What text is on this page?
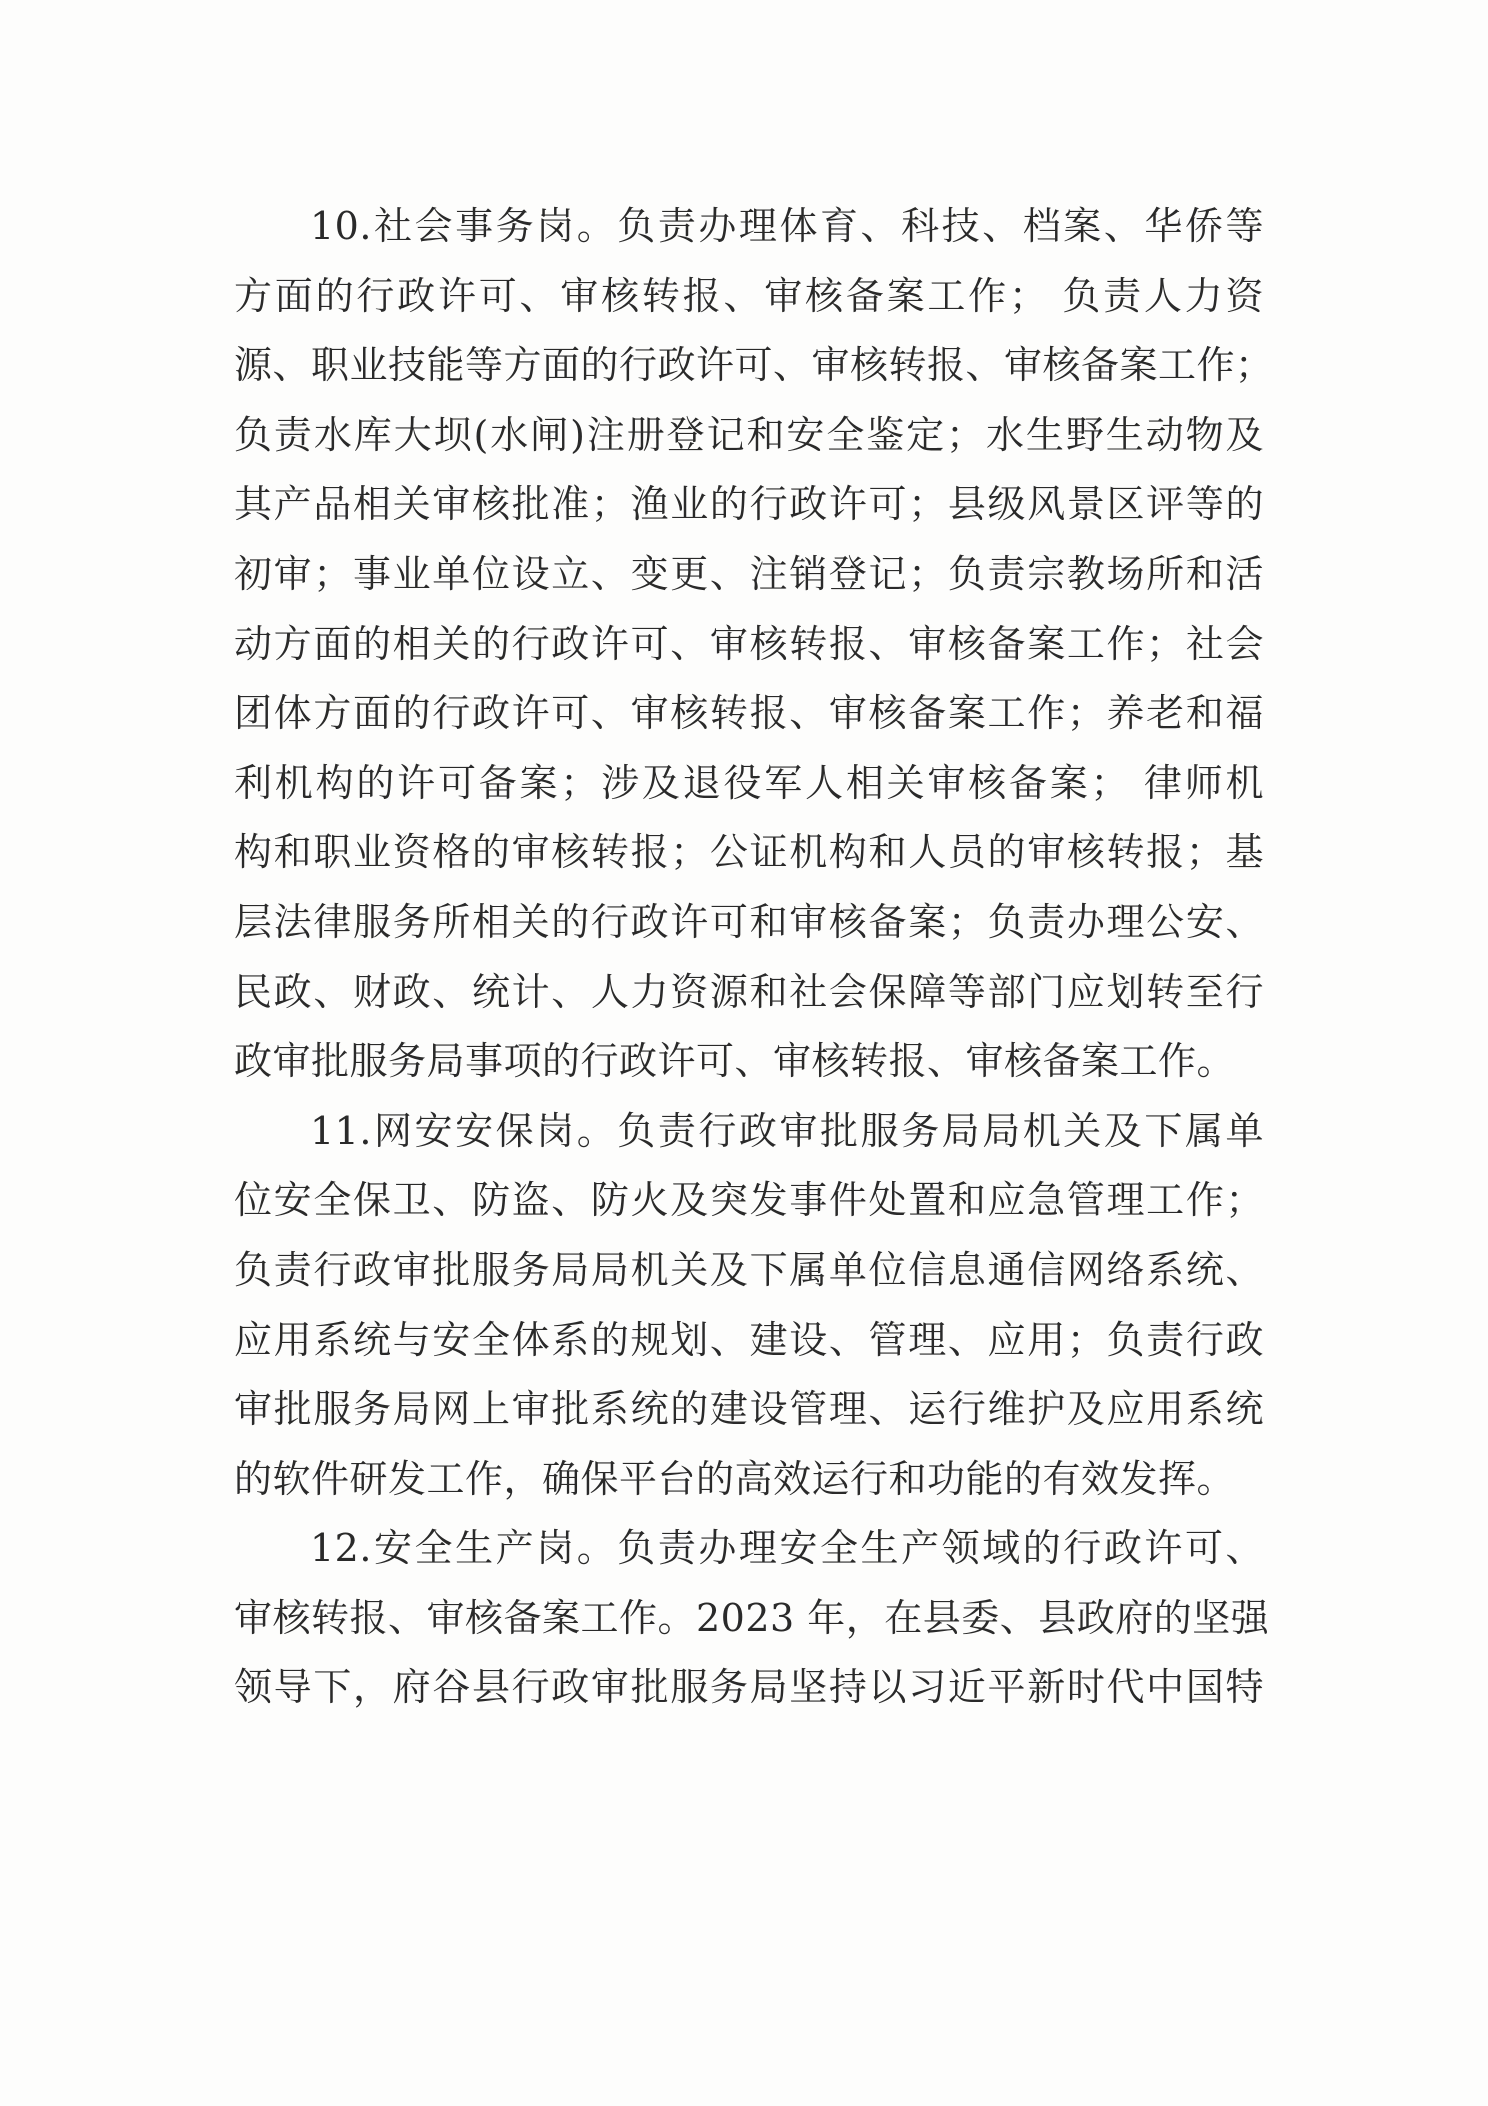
10.社会事务岗。负责办理体育、科技、档案、华侨等
方面的行政许可、审核转报、审核备案工作； 负责人力资
源、职业技能等方面的行政许可、审核转报、审核备案工作；
负责水库大坝(水闸)注册登记和安全鉴定；水生野生动物及
其产品相关审核批准；渔业的行政许可；县级风景区评等的
初审；事业单位设立、变更、注销登记；负责宗教场所和活
动方面的相关的行政许可、审核转报、审核备案工作；社会
团体方面的行政许可、审核转报、审核备案工作；养老和福
利机构的许可备案；涉及退役军人相关审核备案； 律师机
构和职业资格的审核转报；公证机构和人员的审核转报；基
层法律服务所相关的行政许可和审核备案；负责办理公安、
民政、财政、统计、人力资源和社会保障等部门应划转至行
政审批服务局事项的行政许可、审核转报、审核备案工作。
11.网安安保岗。负责行政审批服务局局机关及下属单
位安全保卫、防盗、防火及突发事件处置和应急管理工作；
负责行政审批服务局局机关及下属单位信息通信网络系统、
应用系统与安全体系的规划、建设、管理、应用；负责行政
审批服务局网上审批系统的建设管理、运行维护及应用系统
的软件研发工作，确保平台的高效运行和功能的有效发挥。
12.安全生产岗。负责办理安全生产领域的行政许可、
审核转报、审核备案工作。2023 年，在县委、县政府的坚强
领导下，府谷县行政审批服务局坚持以习近平新时代中国特
